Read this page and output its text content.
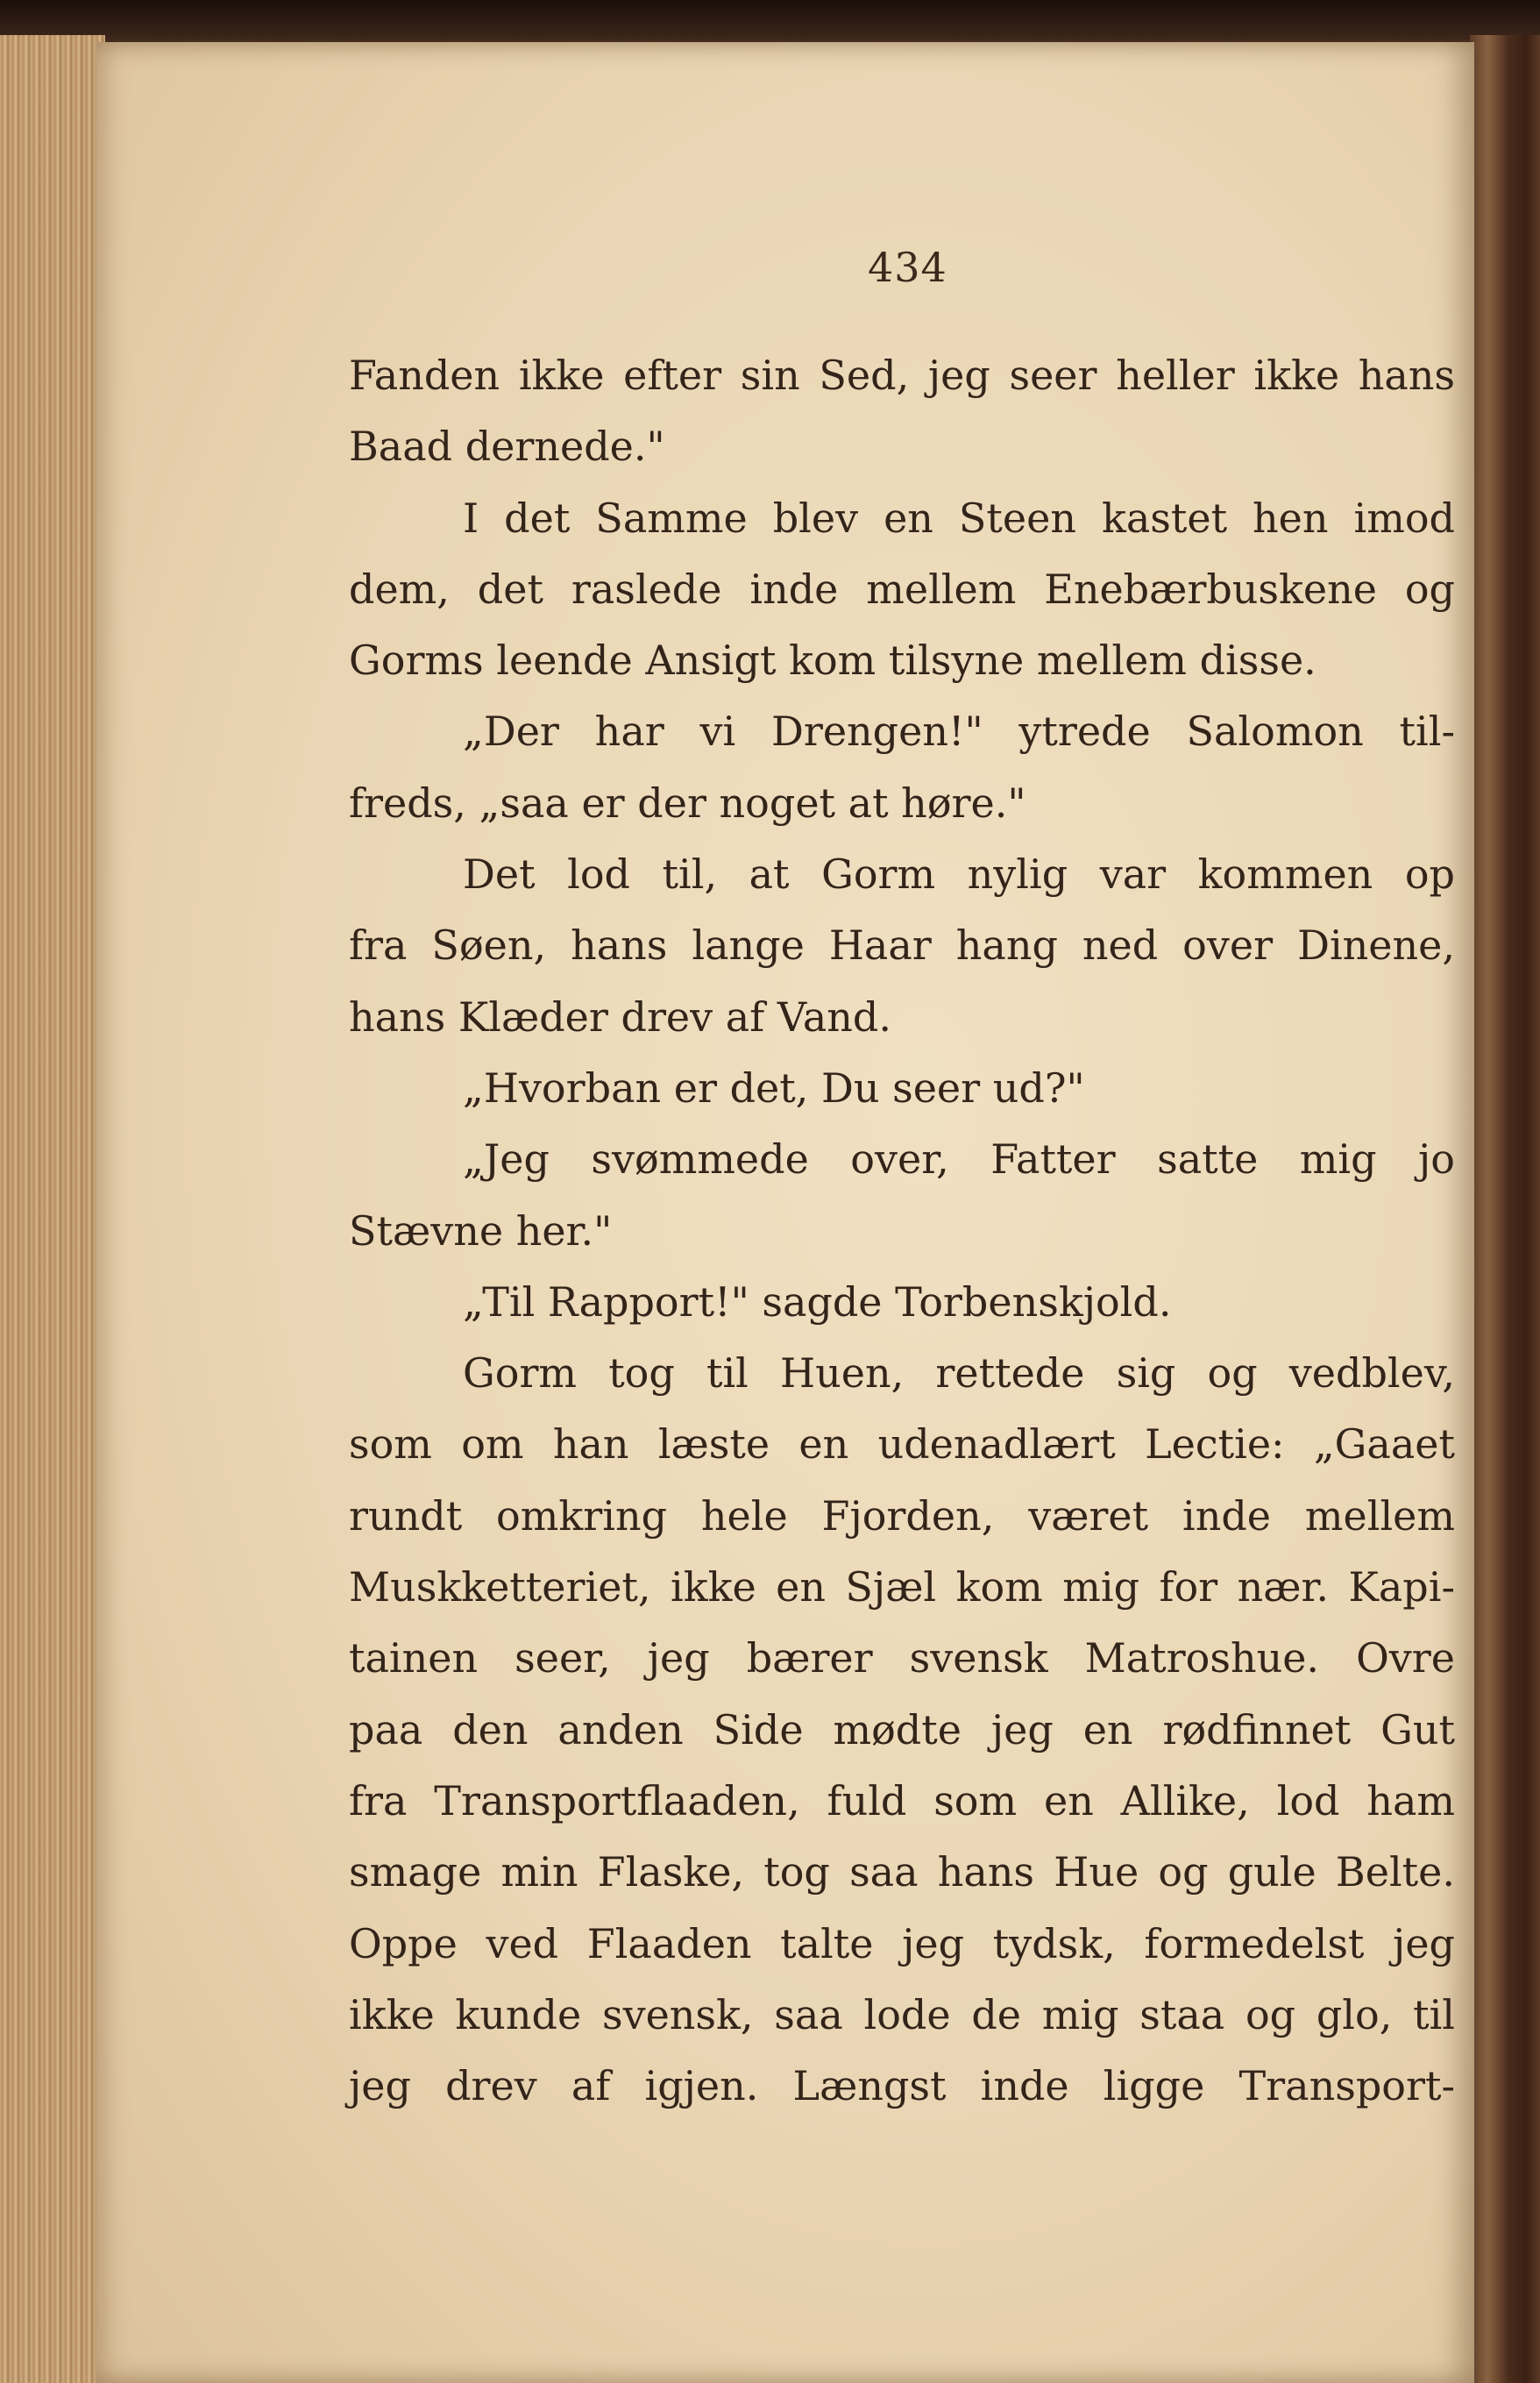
434
Fanden ikke efter sin Sed, jeg seer heller ikke hans
Baad dernede."
I det Samme blev en Steen kastet hen imod
dem, det raslede inde mellem Enebærbuskene og
Gorms leende Ansigt kom tilsyne mellem disse.
„Der har vi Drengen!" ytrede Salomon til-
freds, „saa er der noget at høre."
Det lod til, at Gorm nylig var kommen op
fra Søen, hans lange Haar hang ned over Dinene,
hans Klæder drev af Vand.
„Hvorban er det, Du seer ud?"
„Jeg svømmede over, Fatter satte mig jo
Stævne her."
„Til Rapport!" sagde Torbenskjold.
Gorm tog til Huen, rettede sig og vedblev,
som om han læste en udenadlært Lectie: „Gaaet
rundt omkring hele Fjorden, været inde mellem
Muskketteriet, ikke en Sjæl kom mig for nær. Kapi-
tainen seer, jeg bærer svensk Matroshue. Ovre
paa den anden Side mødte jeg en rødfinnet Gut
fra Transportflaaden, fuld som en Allike, lod ham
smage min Flaske, tog saa hans Hue og gule Belte.
Oppe ved Flaaden talte jeg tydsk, formedelst jeg
ikke kunde svensk, saa lode de mig staa og glo, til
jeg drev af igjen. Længst inde ligge Transport-
